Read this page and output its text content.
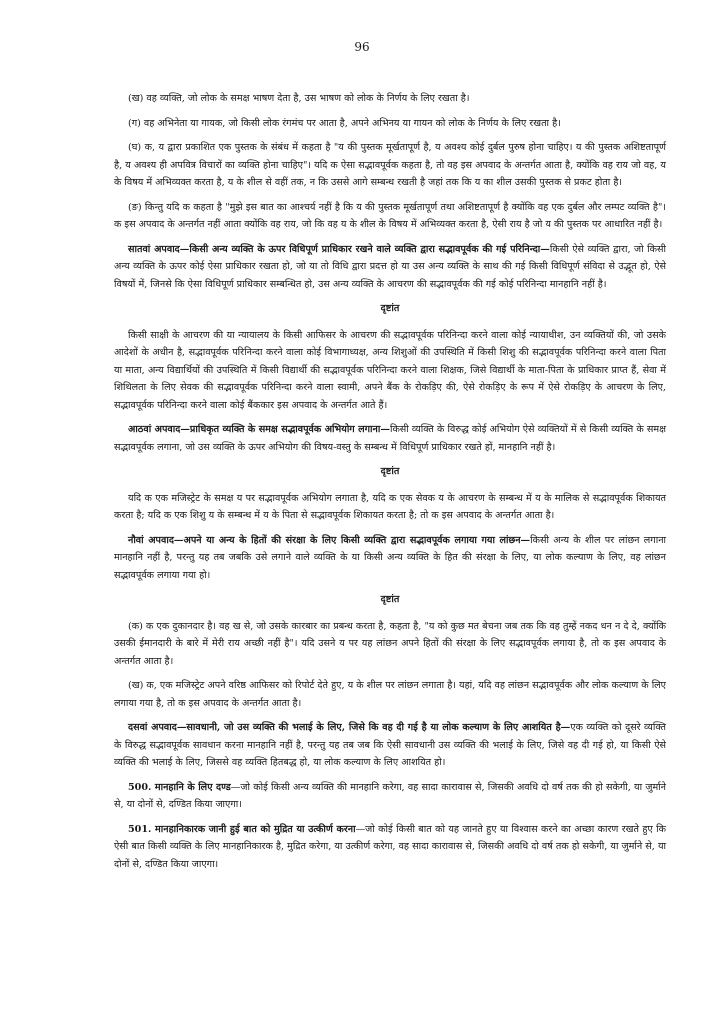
96

(ख) वह व्यक्ति, जो लोक के समक्ष भाषण देता है, उस भाषण को लोक के निर्णय के लिए रखता है।

(ग) वह अभिनेता या गायक, जो किसी लोक रंगमंच पर आता है, अपने अभिनय या गायन को लोक के निर्णय के लिए रखता है।

(घ) क, य द्वारा प्रकाशित एक पुस्तक के संबंध में कहता है "य की पुस्तक मूर्खतापूर्ण है, य अवश्य कोई दुर्बल पुरुष होना चाहिए। य की पुस्तक अशिष्टतापूर्ण है, य अवश्य ही अपवित्र विचारों का व्यक्ति होना चाहिए"। यदि क ऐसा सद्भावपूर्वक कहता है, तो वह इस अपवाद के अन्तर्गत आता है, क्योंकि वह राय जो वह, य के विषय में अभिव्यक्त करता है, य के शील से वहीं तक, न कि उससे आगे सम्बन्ध रखती है जहां तक कि य का शील उसकी पुस्तक से प्रकट होता है।

(ङ) किन्तु यदि क कहता है "मुझे इस बात का आश्चर्य नहीं है कि य की पुस्तक मूर्खतापूर्ण तथा अशिष्टतापूर्ण है क्योंकि वह एक दुर्बल और लम्पट व्यक्ति है"। क इस अपवाद के अन्तर्गत नहीं आता क्योंकि वह राय, जो कि वह य के शील के विषय में अभिव्यक्त करता है, ऐसी राय है जो य की पुस्तक पर आधारित नहीं है।

सातवां अपवाद—किसी अन्य व्यक्ति के ऊपर विधिपूर्ण प्राधिकार रखने वाले व्यक्ति द्वारा सद्भावपूर्वक की गई परिनिन्दा—किसी ऐसे व्यक्ति द्वारा, जो किसी अन्य व्यक्ति के ऊपर कोई ऐसा प्राधिकार रखता हो, जो या तो विधि द्वारा प्रदत्त हो या उस अन्य व्यक्ति के साथ की गई किसी विधिपूर्ण संविदा से उद्भूत हो, ऐसे विषयों में, जिनसे कि ऐसा विधिपूर्ण प्राधिकार सम्बन्धित हो, उस अन्य व्यक्ति के आचरण की सद्भावपूर्वक की गई कोई परिनिन्दा मानहानि नहीं है।

दृष्टांत

किसी साक्षी के आचरण की या न्यायालय के किसी आफिसर के आचरण की सद्भावपूर्वक परिनिन्दा करने वाला कोई न्यायाधीश, उन व्यक्तियों की, जो उसके आदेशों के अधीन है, सद्भावपूर्वक परिनिन्दा करने वाला कोई विभागाध्यक्ष, अन्य शिशुओं की उपस्थिति में किसी शिशु की सद्भावपूर्वक परिनिन्दा करने वाला पिता या माता, अन्य विद्यार्थियों की उपस्थिति में किसी विद्यार्थी की सद्भावपूर्वक परिनिन्दा करने वाला शिक्षक, जिसे विद्यार्थी के माता-पिता के प्राधिकार प्राप्त हैं, सेवा में शिथिलता के लिए सेवक की सद्भावपूर्वक परिनिन्दा करने वाला स्वामी, अपने बैंक के रोकड़िए की, ऐसे रोकड़िए के रूप में ऐसे रोकड़िए के आचरण के लिए, सद्भावपूर्वक परिनिन्दा करने वाला कोई बैंककार इस अपवाद के अन्तर्गत आते हैं।

आठवां अपवाद—प्राधिकृत व्यक्ति के समक्ष सद्भावपूर्वक अभियोग लगाना—किसी व्यक्ति के विरुद्ध कोई अभियोग ऐसे व्यक्तियों में से किसी व्यक्ति के समक्ष सद्भावपूर्वक लगाना, जो उस व्यक्ति के ऊपर अभियोग की विषय-वस्तु के सम्बन्ध में विधिपूर्ण प्राधिकार रखते हों, मानहानि नहीं है।

दृष्टांत

यदि क एक मजिस्ट्रेट के समक्ष य पर सद्भावपूर्वक अभियोग लगाता है, यदि क एक सेवक य के आचरण के सम्बन्ध में य के मालिक से सद्भावपूर्वक शिकायत करता है; यदि क एक शिशु य के सम्बन्ध में य के पिता से सद्भावपूर्वक शिकायत करता है; तो क इस अपवाद के अन्तर्गत आता है।

नौवां अपवाद—अपने या अन्य के हितों की संरक्षा के लिए किसी व्यक्ति द्वारा सद्भावपूर्वक लगाया गया लांछन—किसी अन्य के शील पर लांछन लगाना मानहानि नहीं है, परन्तु यह तब जबकि उसे लगाने वाले व्यक्ति के या किसी अन्य व्यक्ति के हित की संरक्षा के लिए, या लोक कल्याण के लिए, वह लांछन सद्भावपूर्वक लगाया गया हो।

दृष्टांत

(क) क एक दुकानदार है। वह ख से, जो उसके कारबार का प्रबन्ध करता है, कहता है, "य को कुछ मत बेचना जब तक कि वह तुम्हें नकद धन न दे दे, क्योंकि उसकी ईमानदारी के बारे में मेरी राय अच्छी नहीं है"। यदि उसने य पर यह लांछन अपने हितों की संरक्षा के लिए सद्भावपूर्वक लगाया है, तो क इस अपवाद के अन्तर्गत आता है।

(ख) क, एक मजिस्ट्रेट अपने वरिष्ठ आफिसर को रिपोर्ट देते हुए, य के शील पर लांछन लगाता है। यहां, यदि वह लांछन सद्भावपूर्वक और लोक कल्याण के लिए लगाया गया है, तो क इस अपवाद के अन्तर्गत आता है।

दसवां अपवाद—सावधानी, जो उस व्यक्ति की भलाई के लिए, जिसे कि वह दी गई है या लोक कल्याण के लिए आशयित है—एक व्यक्ति को दूसरे व्यक्ति के विरुद्ध सद्भावपूर्वक सावधान करना मानहानि नहीं है, परन्तु यह तब जब कि ऐसी सावधानी उस व्यक्ति की भलाई के लिए, जिसे वह दी गई हो, या किसी ऐसे व्यक्ति की भलाई के लिए, जिससे वह व्यक्ति हितबद्ध हो, या लोक कल्याण के लिए आशयित हो।

500. मानहानि के लिए दण्ड—जो कोई किसी अन्य व्यक्ति की मानहानि करेगा, वह सादा कारावास से, जिसकी अवधि दो वर्ष तक की हो सकेगी, या जुर्माने से, या दोनों से, दण्डित किया जाएगा।

501. मानहानिकारक जानी हुई बात को मुद्रित या उत्कीर्ण करना—जो कोई किसी बात को यह जानते हुए या विश्वास करने का अच्छा कारण रखते हुए कि ऐसी बात किसी व्यक्ति के लिए मानहानिकारक है, मुद्रित करेगा, या उत्कीर्ण करेगा, वह सादा कारावास से, जिसकी अवधि दो वर्ष तक हो सकेगी, या जुर्माने से, या दोनों से, दण्डित किया जाएगा।
